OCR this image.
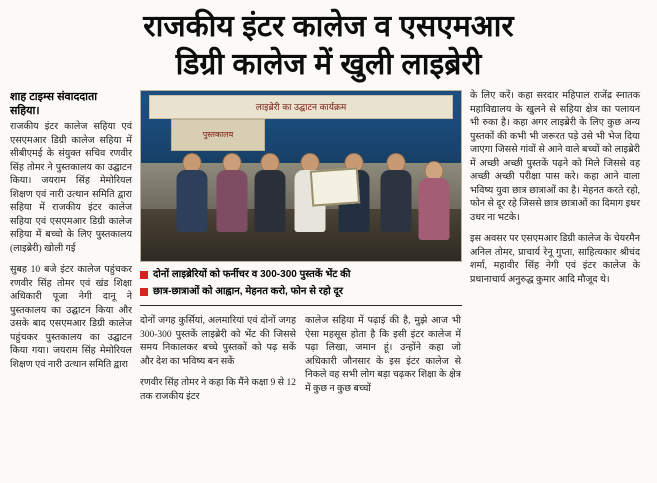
राजकीय इंटर कालेज व एसएमआर
डिग्री कालेज में खुली लाइब्रेरी
शाह टाइम्स संवाददाता
सहिया।

राजकीय इंटर कालेज सहिया एवं एसएमआर डिग्री कालेज सहिया में सीबीएमई के संयुक्त सचिव रणवीर सिंह तोमर ने पुस्तकालय का उद्घाटन किया। जयराम सिंह मेमोरियल शिक्षण एवं नारी उत्थान समिति द्वारा सहिया में राजकीय इंटर कालेज सहिया एवं एसएमआर डिग्री कालेज सहिया में बच्चो के लिए पुस्तकालय (लाइब्रेरी) खोली गई

सुबह 10 बजे इंटर कालेज पहुंचकर रणवीर सिंह तोमर एवं खंड शिक्षा अधिकारी पूजा नेगी दानू ने पुस्तकालय का उद्घाटन किया और उसके बाद एसएमआर डिग्री कालेज पहुंचकर पुस्तकालय का उद्घाटन किया गया। जयराम सिंह मेमोरियल शिक्षण एवं नारी उत्थान समिति द्वारा

लाइब्रेरी का उद्घाटन कार्यक्रम
पुस्तकालय
दोनों लाइब्रेरियों को फर्नीचर व 300-300 पुस्तकें भेंट की
छात्र-छात्राओं को आह्वान, मेहनत करो, फोन से रहो दूर

दोनों जगह कुर्सियां, अलमारियां एवं दोनों जगह 300-300 पुस्तकें लाइब्रेरी को भेंट की जिससे समय निकालकर बच्चे पुस्तकों को पढ़ सकें और देश का भविष्य बन सकें

रणवीर सिंह तोमर ने कहा कि मैंने कक्षा 9 से 12 तक राजकीय इंटर

कालेज सहिया में पढ़ाई की है, मुझे आज भी ऐसा महसूस होता है कि इसी इंटर कालेज में पढ़ा लिखा, जमान हूं। उन्होंने कहा जो अधिकारी जौनसार के इस इंटर कालेज से निकले वह सभी लोग बड़ा चढ़कर शिक्षा के क्षेत्र में कुछ न कुछ बच्चों

के लिए करें। कहा सरदार महिपाल राजेंद्र स्नातक महाविद्यालय के खुलने से सहिया क्षेत्र का पलायन भी रुका है। कहा अगर लाइब्रेरी के लिए कुछ अन्य पुस्तकों की कभी भी जरूरत पड़े उसे भी भेज दिया जाएगा जिससे गांवों से आने वाले बच्चों को लाइब्रेरी में अच्छी अच्छी पुस्तकें पढ़ने को मिले जिससे वह अच्छी अच्छी परीक्षा पास करे। कहा आने वाला भविष्य युवा छात्र छात्राओं का है। मेहनत करते रहो, फोन से दूर रहे जिससे छात्र छात्राओं का दिमाग इधर उधर ना भटके।

इस अवसर पर एसएमआर डिग्री कालेज के चेयरमैन अनिल तोमर, प्राचार्य रेनू गुप्ता, साहित्यकार श्रीचंद शर्मा, महावीर सिंह नेगी एवं इंटर कालेज के प्रधानाचार्य अनुरुद्ध कुमार आदि मौजूद थे।
